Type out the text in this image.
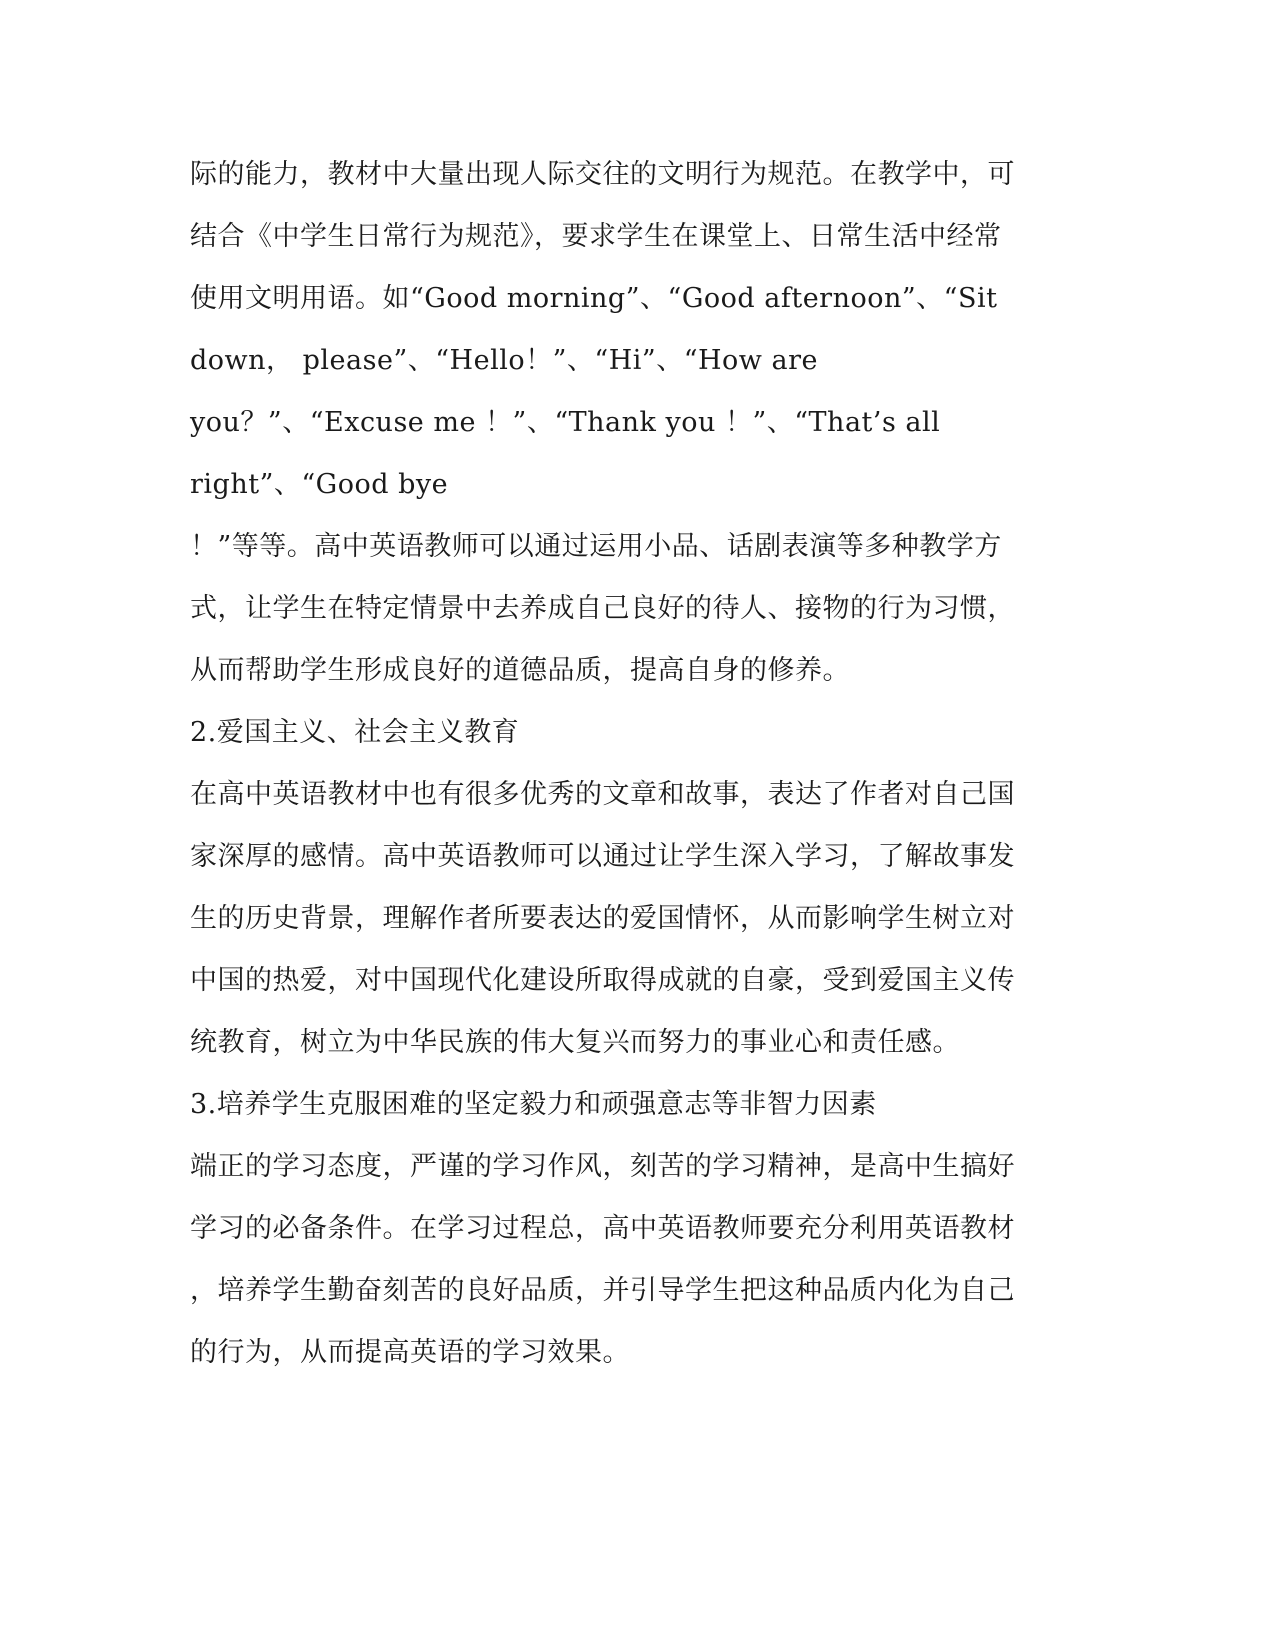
际的能力，教材中大量出现人际交往的文明行为规范。在教学中，可
结合《中学生日常行为规范》，要求学生在课堂上、日常生活中经常
使用文明用语。如“Good morning”、“Good afternoon”、“Sit
down， please”、“Hello！”、“Hi”、“How are
you？”、“Excuse me ！”、“Thank you ！”、“That’s all
right”、“Good bye
！”等等。高中英语教师可以通过运用小品、话剧表演等多种教学方
式，让学生在特定情景中去养成自己良好的待人、接物的行为习惯，
从而帮助学生形成良好的道德品质，提高自身的修养。
2.爱国主义、社会主义教育
在高中英语教材中也有很多优秀的文章和故事，表达了作者对自己国
家深厚的感情。高中英语教师可以通过让学生深入学习，了解故事发
生的历史背景，理解作者所要表达的爱国情怀，从而影响学生树立对
中国的热爱，对中国现代化建设所取得成就的自豪，受到爱国主义传
统教育，树立为中华民族的伟大复兴而努力的事业心和责任感。
3.培养学生克服困难的坚定毅力和顽强意志等非智力因素
端正的学习态度，严谨的学习作风，刻苦的学习精神，是高中生搞好
学习的必备条件。在学习过程总，高中英语教师要充分利用英语教材
，培养学生勤奋刻苦的良好品质，并引导学生把这种品质内化为自己
的行为，从而提高英语的学习效果。
